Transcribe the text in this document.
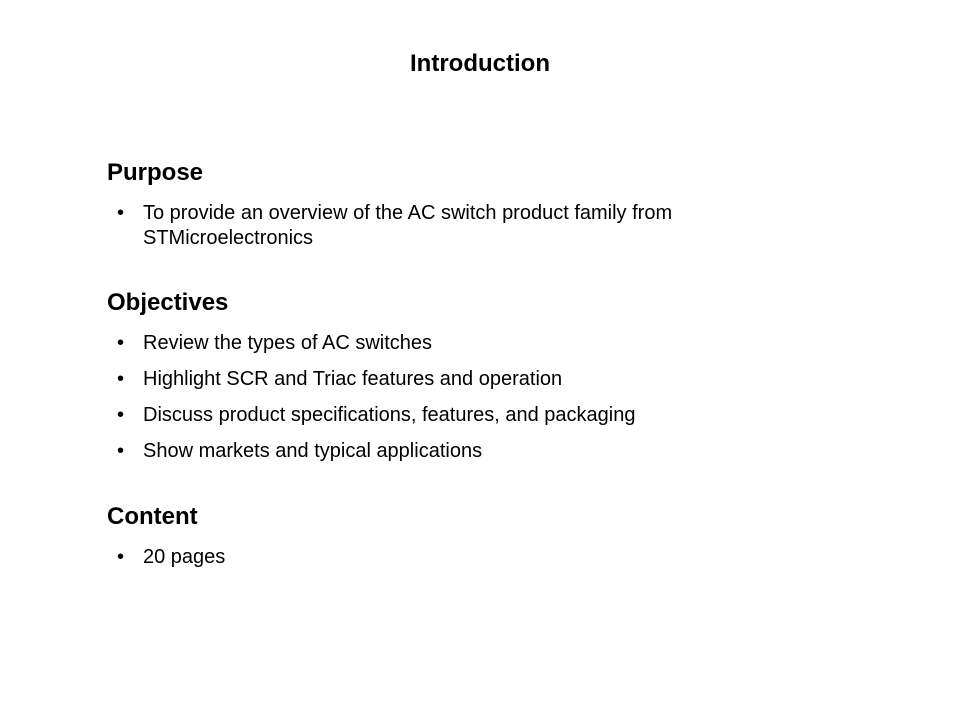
Introduction
Purpose
• To provide an overview of the AC switch product family from STMicroelectronics
Objectives
• Review the types of AC switches
• Highlight SCR and Triac features and operation
• Discuss product specifications, features, and packaging
• Show markets and typical applications
Content
• 20 pages
